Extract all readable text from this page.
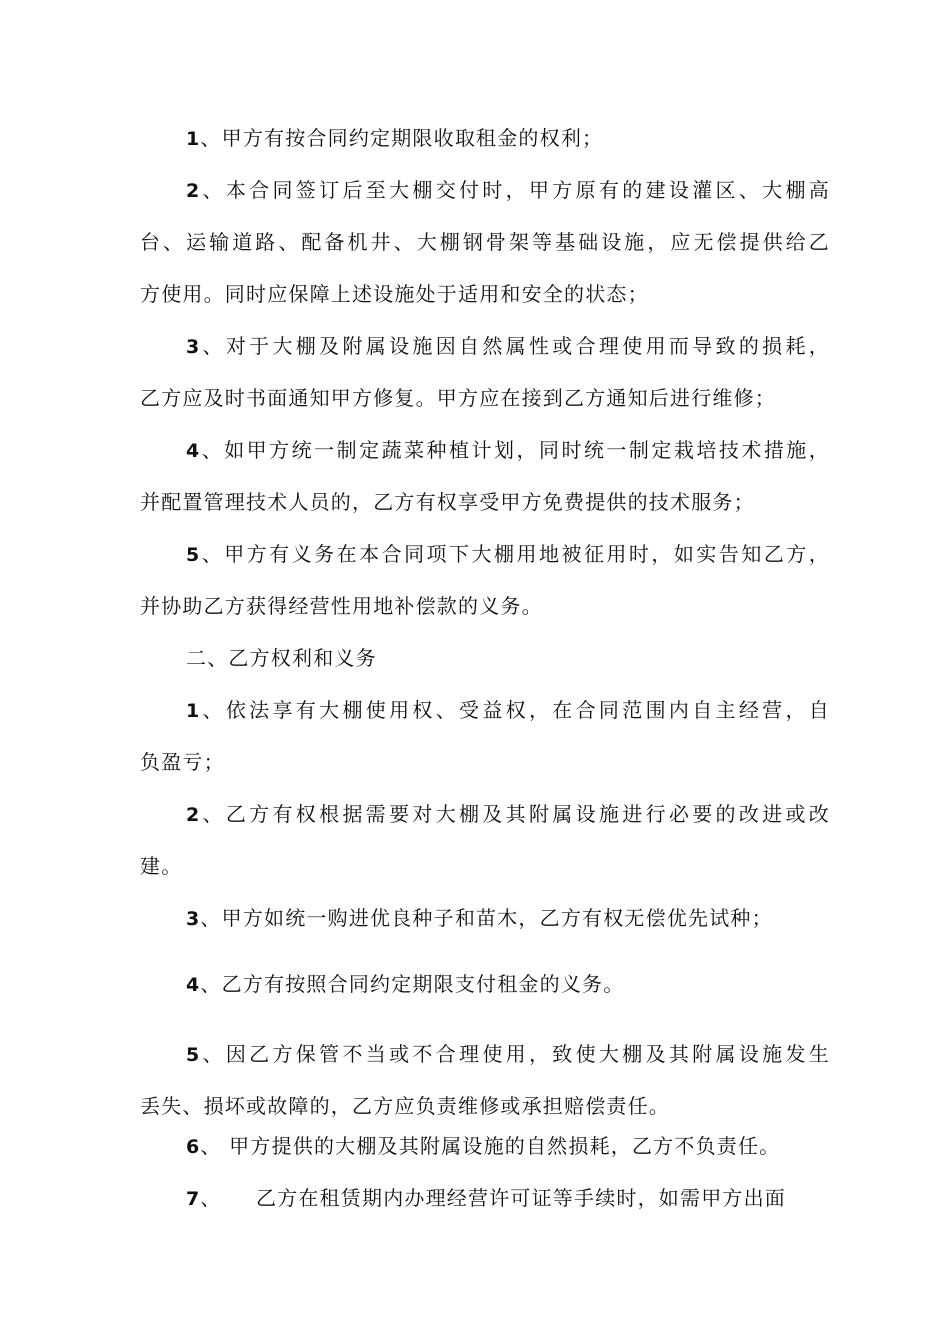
1、甲方有按合同约定期限收取租金的权利；
2、本合同签订后至大棚交付时，甲方原有的建设灌区、大棚高
台、运输道路、配备机井、大棚钢骨架等基础设施，应无偿提供给乙
方使用。同时应保障上述设施处于适用和安全的状态；
3、对于大棚及附属设施因自然属性或合理使用而导致的损耗，
乙方应及时书面通知甲方修复。甲方应在接到乙方通知后进行维修；
4、如甲方统一制定蔬菜种植计划，同时统一制定栽培技术措施，
并配置管理技术人员的，乙方有权享受甲方免费提供的技术服务；
5、甲方有义务在本合同项下大棚用地被征用时，如实告知乙方，
并协助乙方获得经营性用地补偿款的义务。
二、乙方权利和义务
1、依法享有大棚使用权、受益权，在合同范围内自主经营，自
负盈亏；
2、乙方有权根据需要对大棚及其附属设施进行必要的改进或改
建。
3、甲方如统一购进优良种子和苗木，乙方有权无偿优先试种；
4、乙方有按照合同约定期限支付租金的义务。
5、因乙方保管不当或不合理使用，致使大棚及其附属设施发生
丢失、损坏或故障的，乙方应负责维修或承担赔偿责任。
6、 甲方提供的大棚及其附属设施的自然损耗，乙方不负责任。
7、 乙方在租赁期内办理经营许可证等手续时，如需甲方出面
